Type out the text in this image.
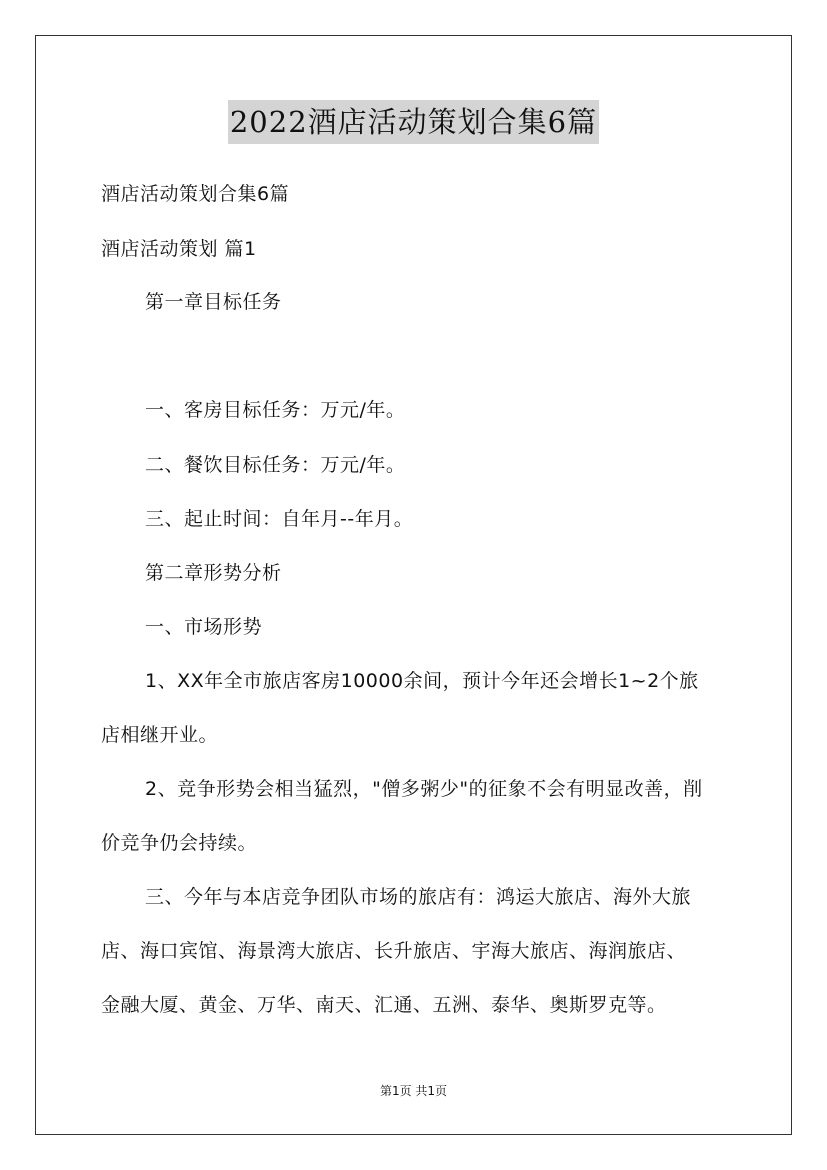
2022酒店活动策划合集6篇
酒店活动策划合集6篇
酒店活动策划 篇1
第一章目标任务
一、客房目标任务：万元/年。
二、餐饮目标任务：万元/年。
三、起止时间：自年月--年月。
第二章形势分析
一、市场形势
1、XX年全市旅店客房10000余间，预计今年还会增长1~2个旅
店相继开业。
2、竞争形势会相当猛烈，"僧多粥少"的征象不会有明显改善，削
价竞争仍会持续。
三、今年与本店竞争团队市场的旅店有：鸿运大旅店、海外大旅
店、海口宾馆、海景湾大旅店、长升旅店、宇海大旅店、海润旅店、
金融大厦、黄金、万华、南天、汇通、五洲、泰华、奥斯罗克等。
第1页 共1页
